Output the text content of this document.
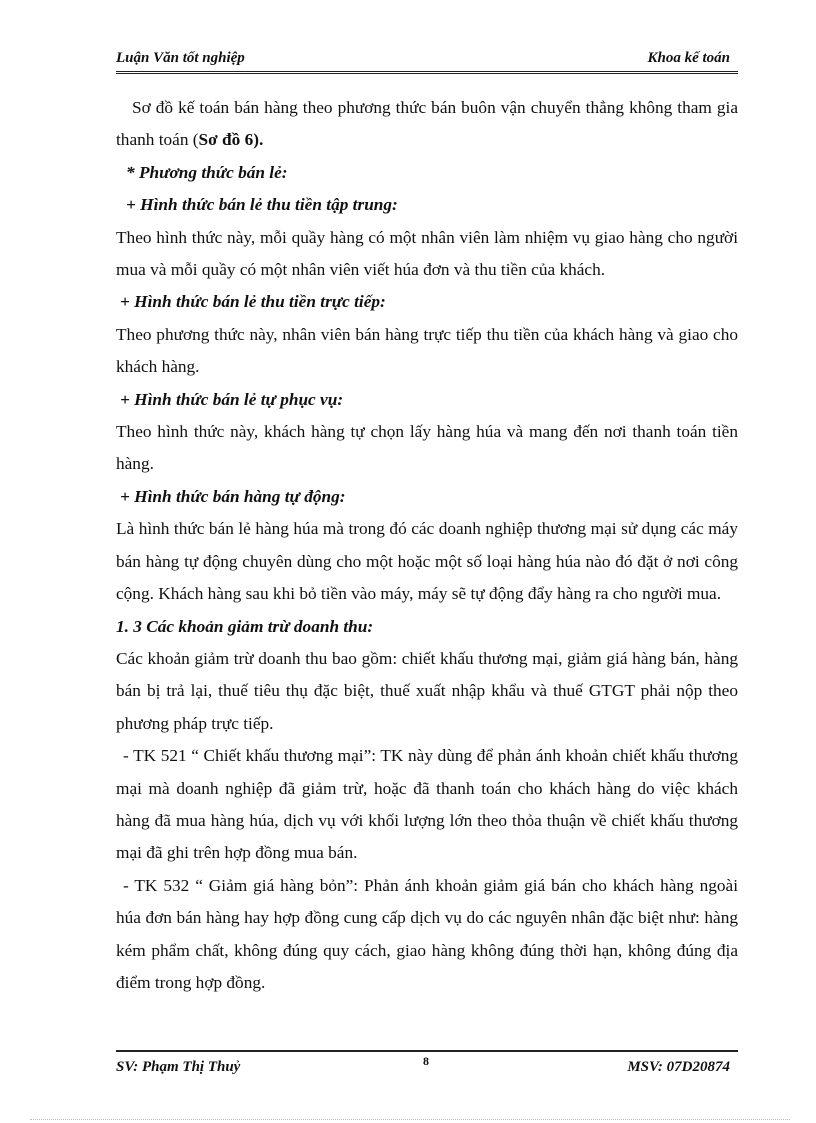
Luận Văn tốt nghiệp	Khoa kế toán

Sơ đồ kế toán bán hàng theo phương thức bán buôn vận chuyển thẳng không tham gia thanh toán (Sơ đồ 6).

* Phương thức bán lẻ:

+ Hình thức bán lẻ thu tiền tập trung:

Theo hình thức này, mỗi quầy hàng có một nhân viên làm nhiệm vụ giao hàng cho người mua và mỗi quầy có một nhân viên viết húa đơn và thu tiền của khách.

+ Hình thức bán lẻ thu tiền trực tiếp:

Theo phương thức này, nhân viên bán hàng trực tiếp thu tiền của khách hàng và giao cho khách hàng.

+ Hình thức bán lẻ tự phục vụ:

Theo hình thức này, khách hàng tự chọn lấy hàng húa và mang đến nơi thanh toán tiền hàng.

+ Hình thức bán hàng tự động:

Là hình thức bán lẻ hàng húa mà trong đó các doanh nghiệp thương mại sử dụng các máy bán hàng tự động chuyên dùng cho một hoặc một số loại hàng húa nào đó đặt ở nơi công cộng. Khách hàng sau khi bỏ tiền vào máy, máy sẽ tự động đẩy hàng ra cho người mua.

1. 3 Các khoản giảm trừ doanh thu:

Các khoản giảm trừ doanh thu bao gồm: chiết khấu thương mại, giảm giá hàng bán, hàng bán bị trả lại, thuế tiêu thụ đặc biệt, thuế xuất nhập khẩu và thuế GTGT phải nộp theo phương pháp trực tiếp.

- TK 521 “ Chiết khấu thương mại”: TK này dùng để phản ánh khoản chiết khấu thương mại mà doanh nghiệp đã giảm trừ, hoặc đã thanh toán cho khách hàng do việc khách hàng đã mua hàng húa, dịch vụ với khối lượng lớn theo thỏa thuận về chiết khấu thương mại đã ghi trên hợp đồng mua bán.

- TK 532 “ Giảm giá hàng bỏn”: Phản ánh khoản giảm giá bán cho khách hàng ngoài húa đơn bán hàng hay hợp đồng cung cấp dịch vụ do các nguyên nhân đặc biệt như: hàng kém phẩm chất, không đúng quy cách, giao hàng không đúng thời hạn, không đúng địa điểm trong hợp đồng.

SV: Phạm Thị Thuỷ	8	MSV: 07D20874
